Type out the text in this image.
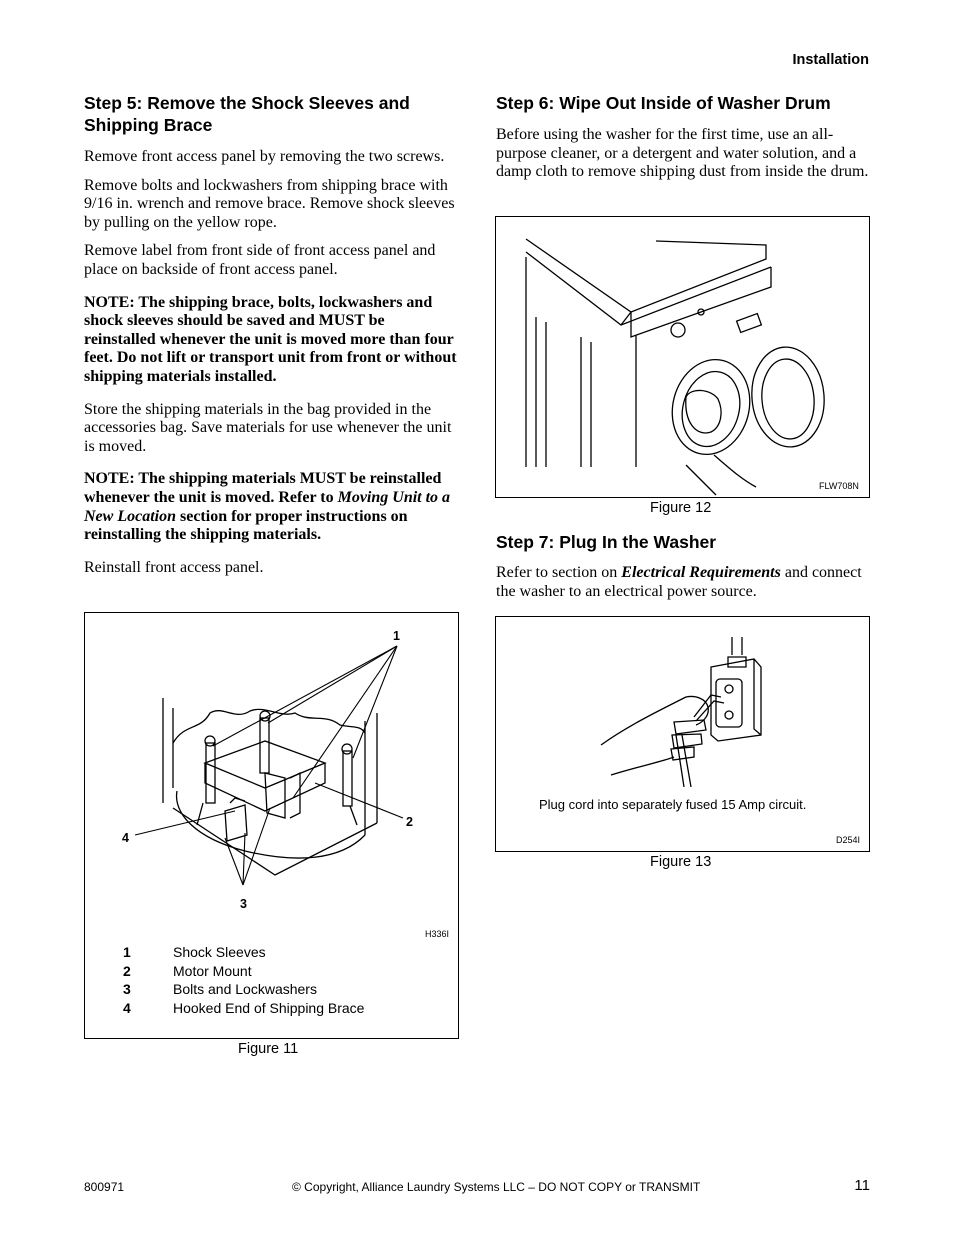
Installation
Step 5: Remove the Shock Sleeves and Shipping Brace

Remove front access panel by removing the two screws.

Remove bolts and lockwashers from shipping brace with 9/16 in. wrench and remove brace. Remove shock sleeves by pulling on the yellow rope.

Remove label from front side of front access panel and place on backside of front access panel.

NOTE: The shipping brace, bolts, lockwashers and shock sleeves should be saved and MUST be reinstalled whenever the unit is moved more than four feet. Do not lift or transport unit from front or without shipping materials installed.

Store the shipping materials in the bag provided in the accessories bag. Save materials for use whenever the unit is moved.

NOTE: The shipping materials MUST be reinstalled whenever the unit is moved. Refer to Moving Unit to a New Location section for proper instructions on reinstalling the shipping materials.

Reinstall front access panel.

1
2
3
4
H336I
1	Shock Sleeves
2	Motor Mount
3	Bolts and Lockwashers
4	Hooked End of Shipping Brace
Figure 11
Step 6: Wipe Out Inside of Washer Drum

Before using the washer for the first time, use an all-purpose cleaner, or a detergent and water solution, and a damp cloth to remove shipping dust from inside the drum.

FLW708N
Figure 12
Step 7: Plug In the Washer

Refer to section on Electrical Requirements and connect the washer to an electrical power source.

Plug cord into separately fused 15 Amp circuit.
D254I
Figure 13
800971	© Copyright, Alliance Laundry Systems LLC – DO NOT COPY or TRANSMIT	11
